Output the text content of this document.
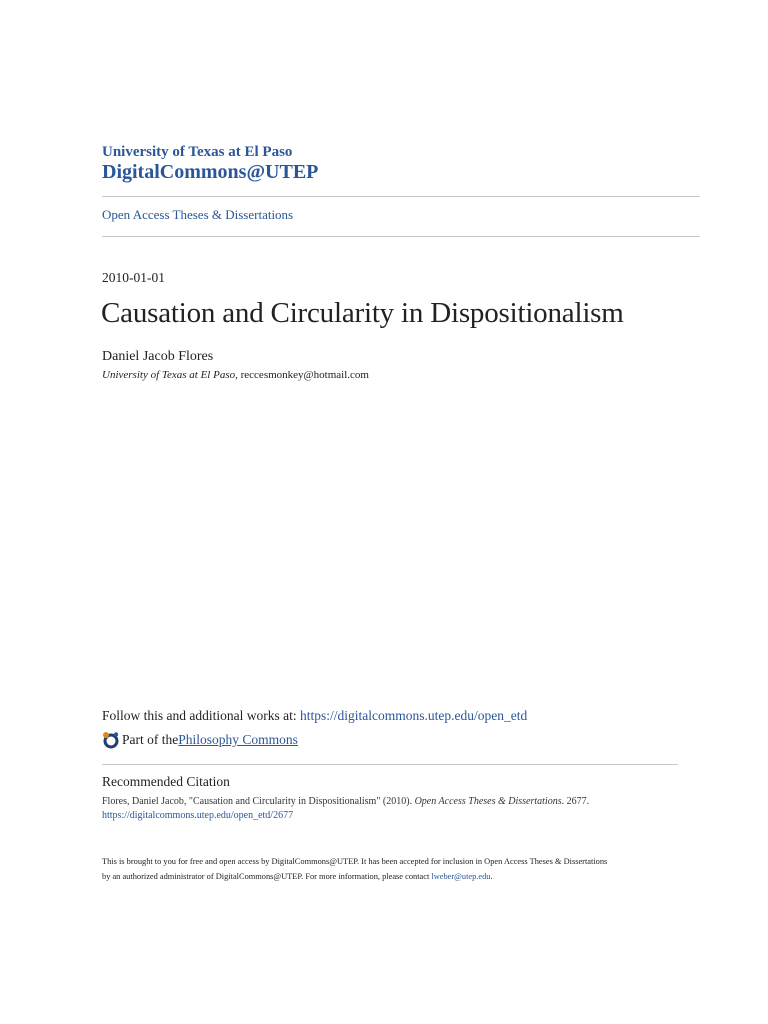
University of Texas at El Paso
DigitalCommons@UTEP
Open Access Theses & Dissertations
2010-01-01
Causation and Circularity in Dispositionalism
Daniel Jacob Flores
University of Texas at El Paso, reccesmonkey@hotmail.com
Follow this and additional works at: https://digitalcommons.utep.edu/open_etd
Part of the Philosophy Commons
Recommended Citation
Flores, Daniel Jacob, "Causation and Circularity in Dispositionalism" (2010). Open Access Theses & Dissertations. 2677.
https://digitalcommons.utep.edu/open_etd/2677
This is brought to you for free and open access by DigitalCommons@UTEP. It has been accepted for inclusion in Open Access Theses & Dissertations
by an authorized administrator of DigitalCommons@UTEP. For more information, please contact lweber@utep.edu.
